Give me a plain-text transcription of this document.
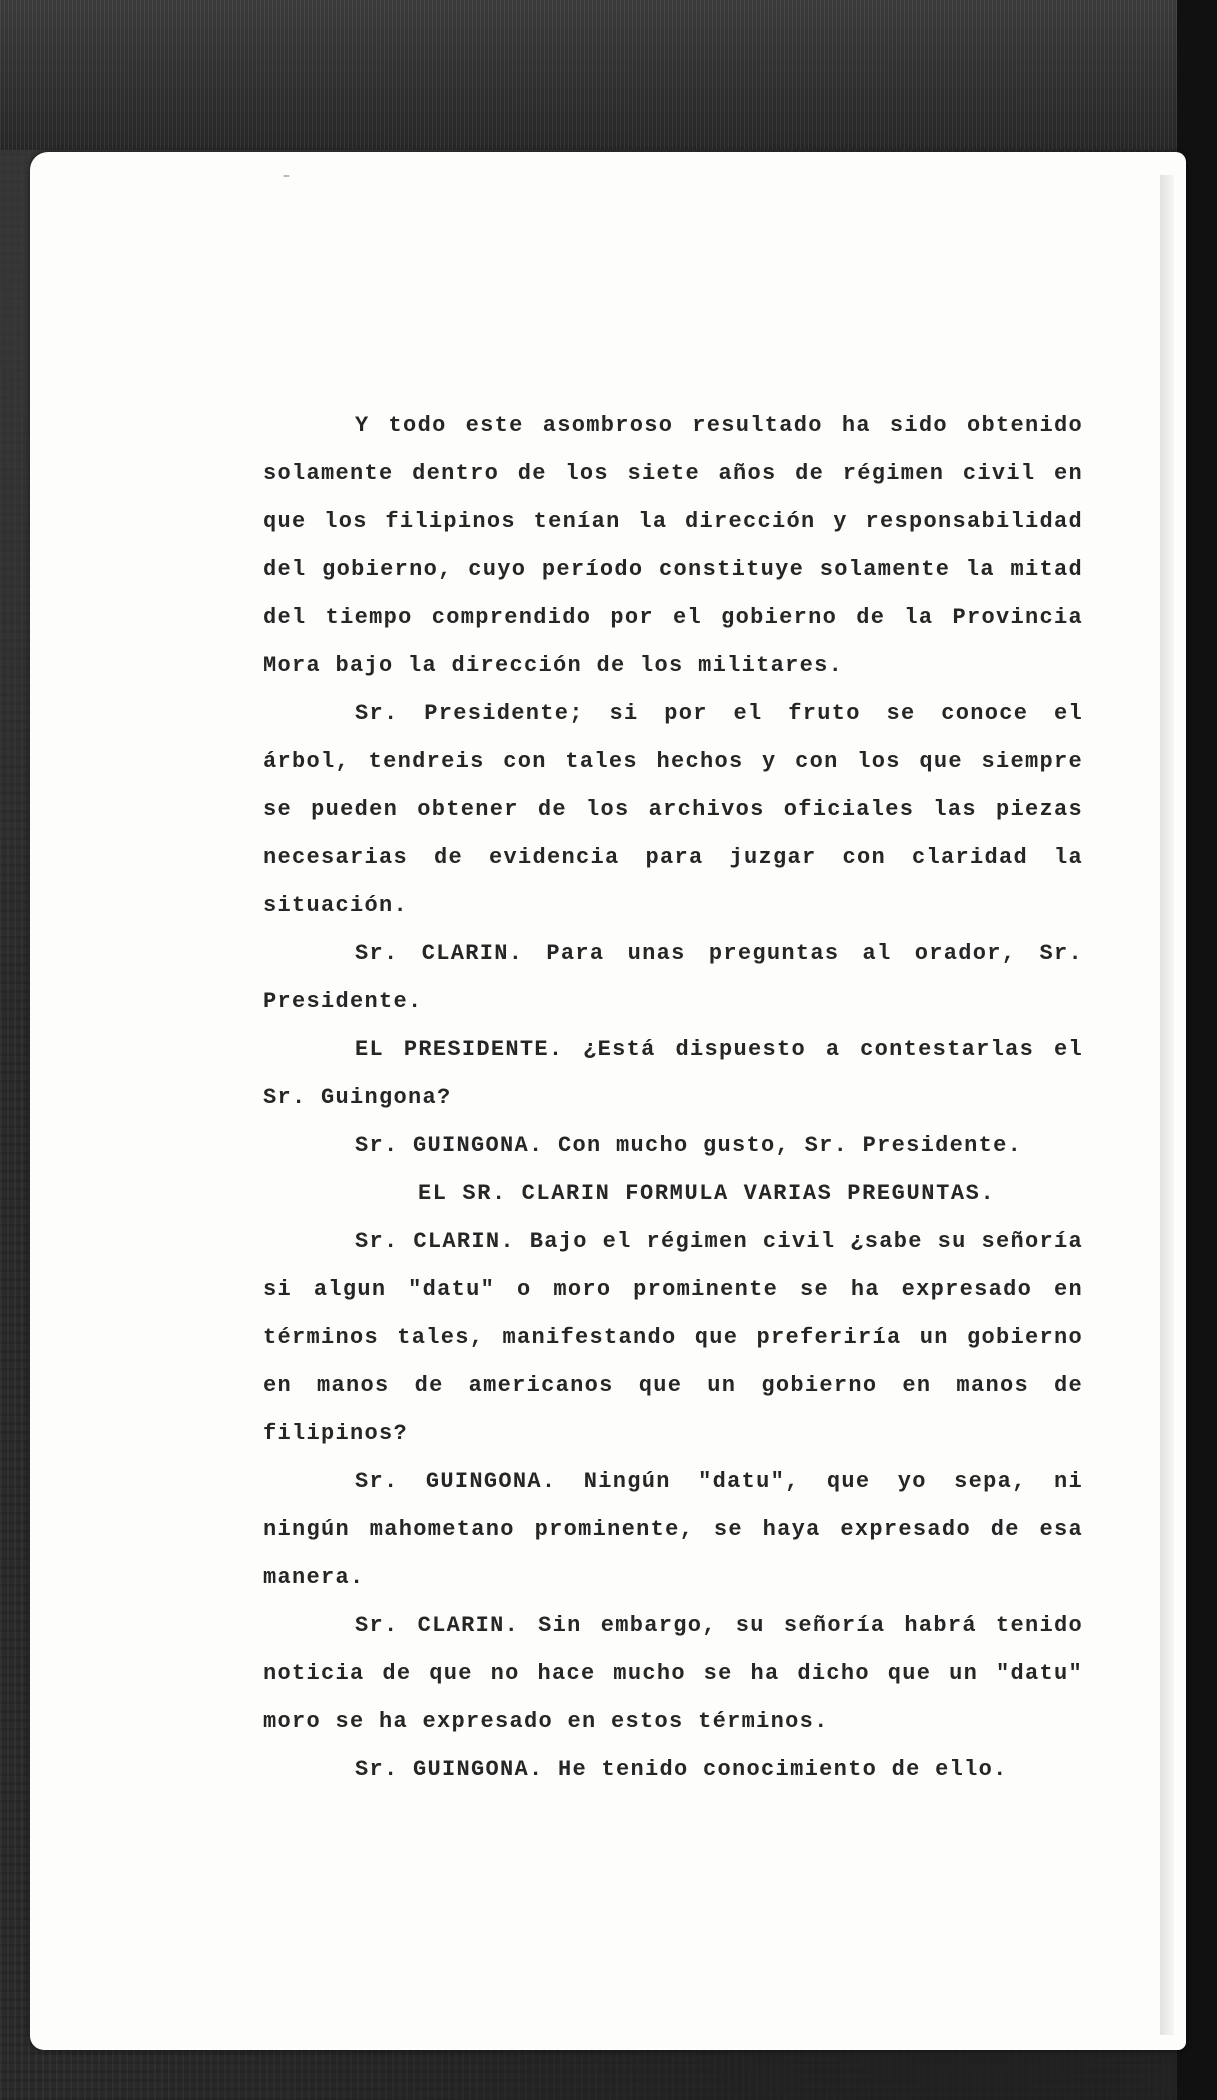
–

Y todo este asombroso resultado ha sido obtenido solamente dentro de los siete años de régimen civil en que los filipinos tenían la dirección y responsabilidad del gobierno, cuyo período constituye solamente la mitad del tiempo comprendido por el gobierno de la Provincia Mora bajo la dirección de los militares.

Sr. Presidente; si por el fruto se conoce el árbol, tendreis con tales hechos y con los que siempre se pueden obtener de los archivos oficiales las piezas necesarias de evidencia para juzgar con claridad la situación.

Sr. CLARIN. Para unas preguntas al orador, Sr. Presidente.

EL PRESIDENTE. ¿Está dispuesto a contestarlas el Sr. Guingona?

Sr. GUINGONA. Con mucho gusto, Sr. Presidente.

EL SR. CLARIN FORMULA VARIAS PREGUNTAS.

Sr. CLARIN. Bajo el régimen civil ¿sabe su señoría si algun "datu" o moro prominente se ha expresado en términos tales, manifestando que preferiría un gobierno en manos de americanos que un gobierno en manos de filipinos?

Sr. GUINGONA. Ningún "datu", que yo sepa, ni ningún mahometano prominente, se haya expresado de esa manera.

Sr. CLARIN. Sin embargo, su señoría habrá tenido noticia de que no hace mucho se ha dicho que un "datu" moro se ha expresado en estos términos.

Sr. GUINGONA. He tenido conocimiento de ello.
